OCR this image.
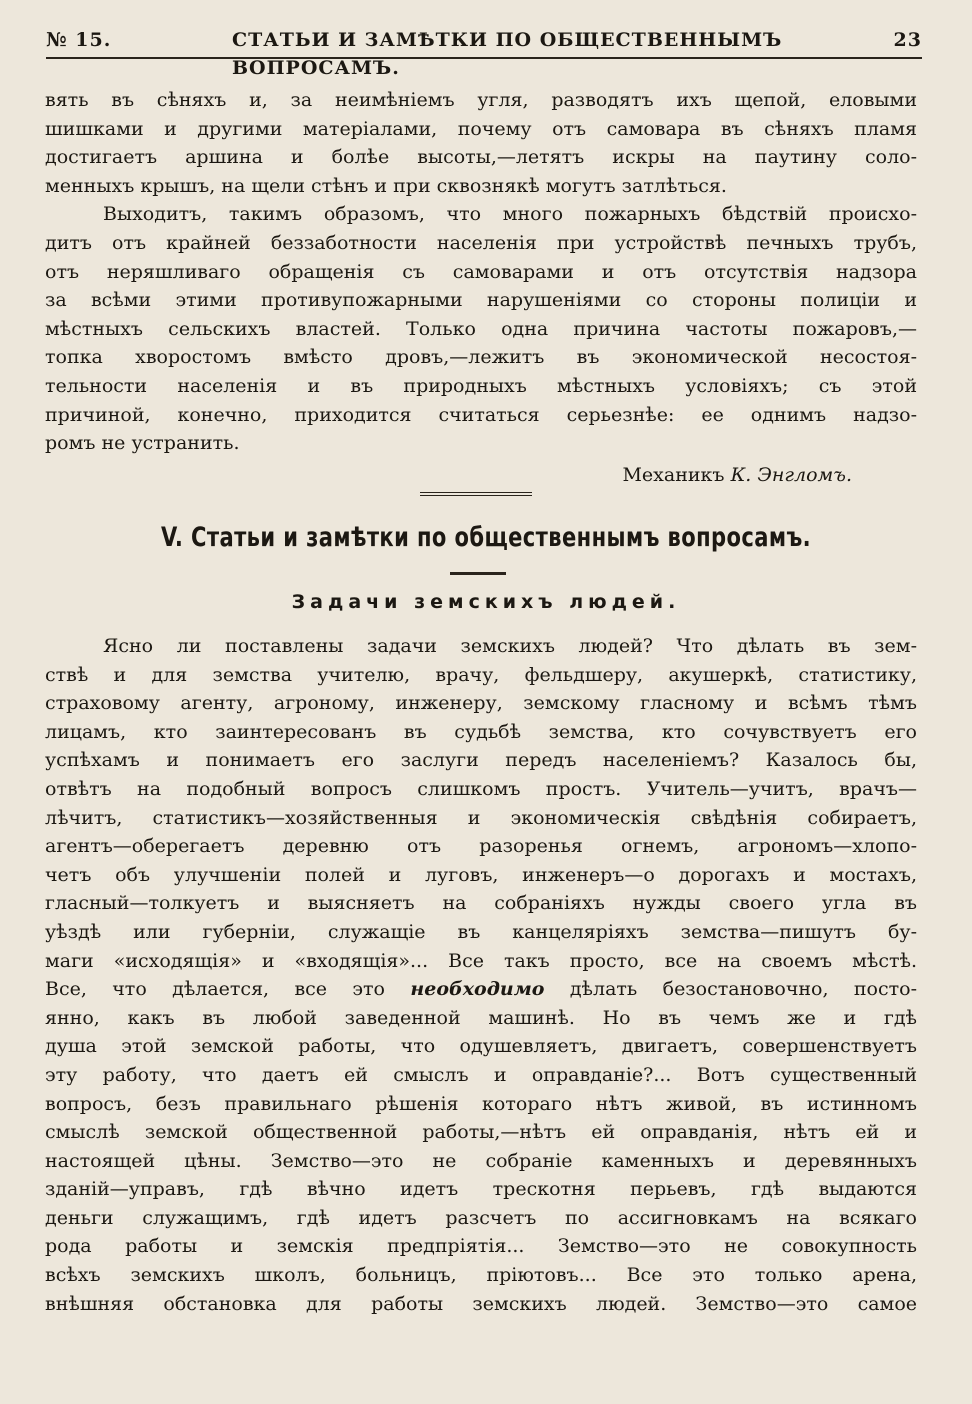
№ 15.	СТАТЬИ И ЗАМѢТКИ ПО ОБЩЕСТВЕННЫМЪ ВОПРОСАМЪ.
23
вять въ сѣняхъ и, за неимѣніемъ угля, разводятъ ихъ щепой, еловыми
шишками и другими матеріалами, почему отъ самовара въ сѣняхъ пламя
достигаетъ аршина и болѣе высоты,—летятъ искры на паутину соло-
менныхъ крышъ, на щели стѣнъ и при сквознякѣ могутъ затлѣться.
Выходитъ, такимъ образомъ, что много пожарныхъ бѣдствій происхо-
дитъ отъ крайней беззаботности населенія при устройствѣ печныхъ трубъ,
отъ неряшливаго обращенія съ самоварами и отъ отсутствія надзора
за всѣми этими противупожарными нарушеніями со стороны полиціи и
мѣстныхъ сельскихъ властей. Только одна причина частоты пожаровъ,—
топка хворостомъ вмѣсто дровъ,—лежитъ въ экономической несостоя-
тельности населенія и въ природныхъ мѣстныхъ условіяхъ; съ этой
причиной, конечно, приходится считаться серьезнѣе: ее однимъ надзо-
ромъ не устранить.
Механикъ К. Энгломъ.
V. Статьи и замѣтки по общественнымъ вопросамъ.
Задачи земскихъ людей.
Ясно ли поставлены задачи земскихъ людей? Что дѣлать въ зем-
ствѣ и для земства учителю, врачу, фельдшеру, акушеркѣ, статистику,
страховому агенту, агроному, инженеру, земскому гласному и всѣмъ тѣмъ
лицамъ, кто заинтересованъ въ судьбѣ земства, кто сочувствуетъ его
успѣхамъ и понимаетъ его заслуги передъ населеніемъ? Казалось бы,
отвѣтъ на подобный вопросъ слишкомъ простъ. Учитель—учитъ, врачъ—
лѣчитъ, статистикъ—хозяйственныя и экономическія свѣдѣнія собираетъ,
агентъ—оберегаетъ деревню отъ разоренья огнемъ, агрономъ—хлопо-
четъ объ улучшеніи полей и луговъ, инженеръ—о дорогахъ и мостахъ,
гласный—толкуетъ и выясняетъ на собраніяхъ нужды своего угла въ
уѣздѣ или губерніи, служащіе въ канцеляріяхъ земства—пишутъ бу-
маги «исходящія» и «входящія»... Все такъ просто, все на своемъ мѣстѣ.
Все, что дѣлается, все это необходимо дѣлать безостановочно, посто-
янно, какъ въ любой заведенной машинѣ. Но въ чемъ же и гдѣ
душа этой земской работы, что одушевляетъ, двигаетъ, совершенствуетъ
эту работу, что даетъ ей смыслъ и оправданіе?... Вотъ существенный
вопросъ, безъ правильнаго рѣшенія котораго нѣтъ живой, въ истинномъ
смыслѣ земской общественной работы,—нѣтъ ей оправданія, нѣтъ ей и
настоящей цѣны. Земство—это не собраніе каменныхъ и деревянныхъ
зданій—управъ, гдѣ вѣчно идетъ трескотня перьевъ, гдѣ выдаются
деньги служащимъ, гдѣ идетъ разсчетъ по ассигновкамъ на всякаго
рода работы и земскія предпріятія... Земство—это не совокупность
всѣхъ земскихъ школъ, больницъ, пріютовъ... Все это только арена,
внѣшняя обстановка для работы земскихъ людей. Земство—это самое
